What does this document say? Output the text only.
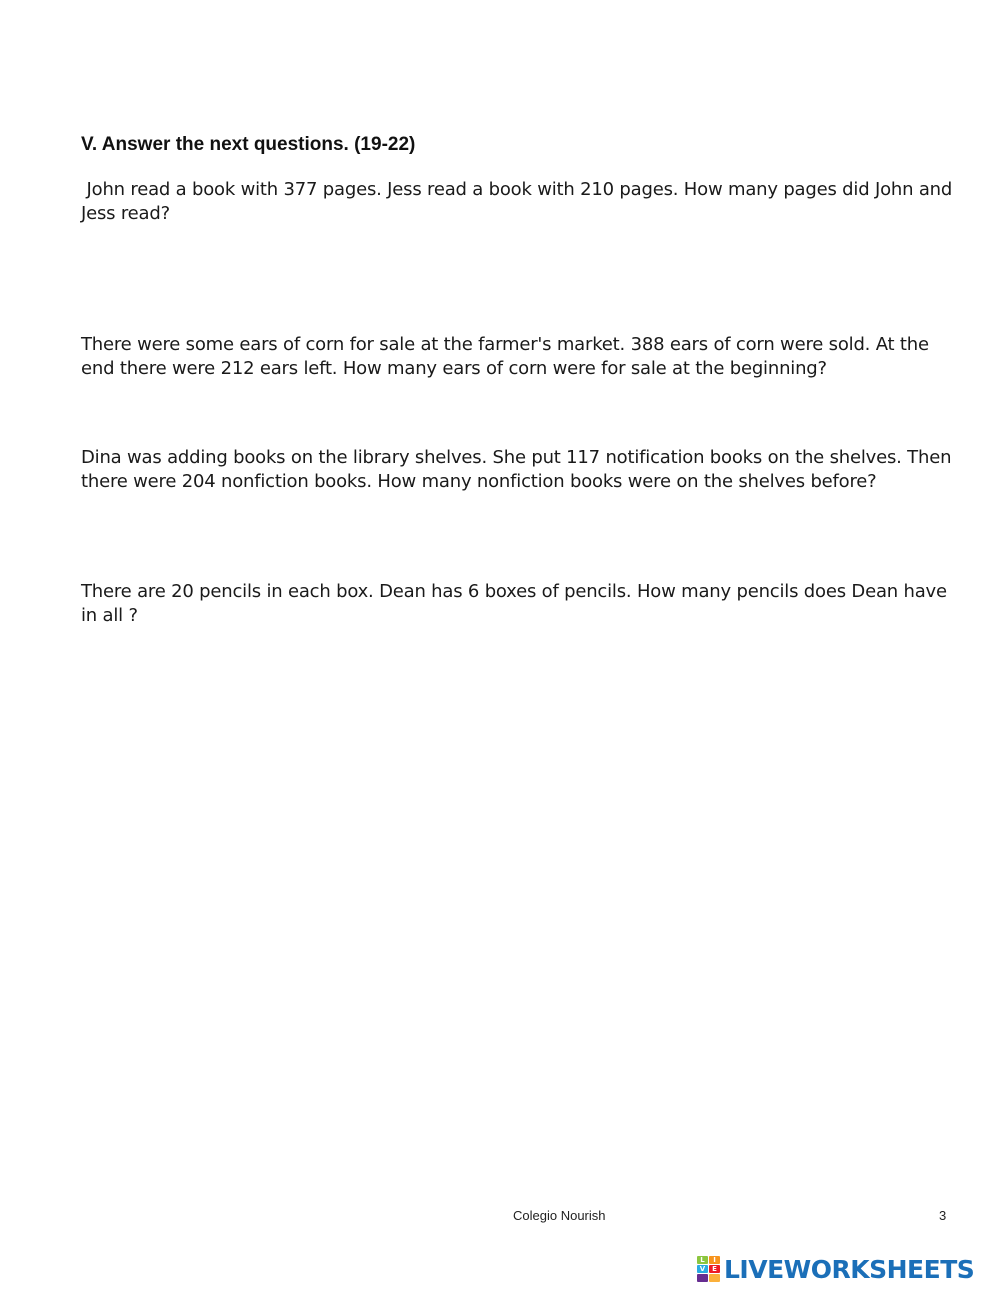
V. Answer the next questions. (19-22)

John read a book with 377 pages. Jess read a book with 210 pages. How many pages did John and Jess read?

There were some ears of corn for sale at the farmer's market. 388 ears of corn were sold. At the end there were 212 ears left. How many ears of corn were for sale at the beginning?

Dina was adding books on the library shelves. She put 117 notification books on the shelves. Then there were 204 nonfiction books. How many nonfiction books were on the shelves before?

There are 20 pencils in each box. Dean has 6 boxes of pencils. How many pencils does Dean have in all ?

Colegio Nourish	3
L	I
V E LIVEWORKSHEETS
